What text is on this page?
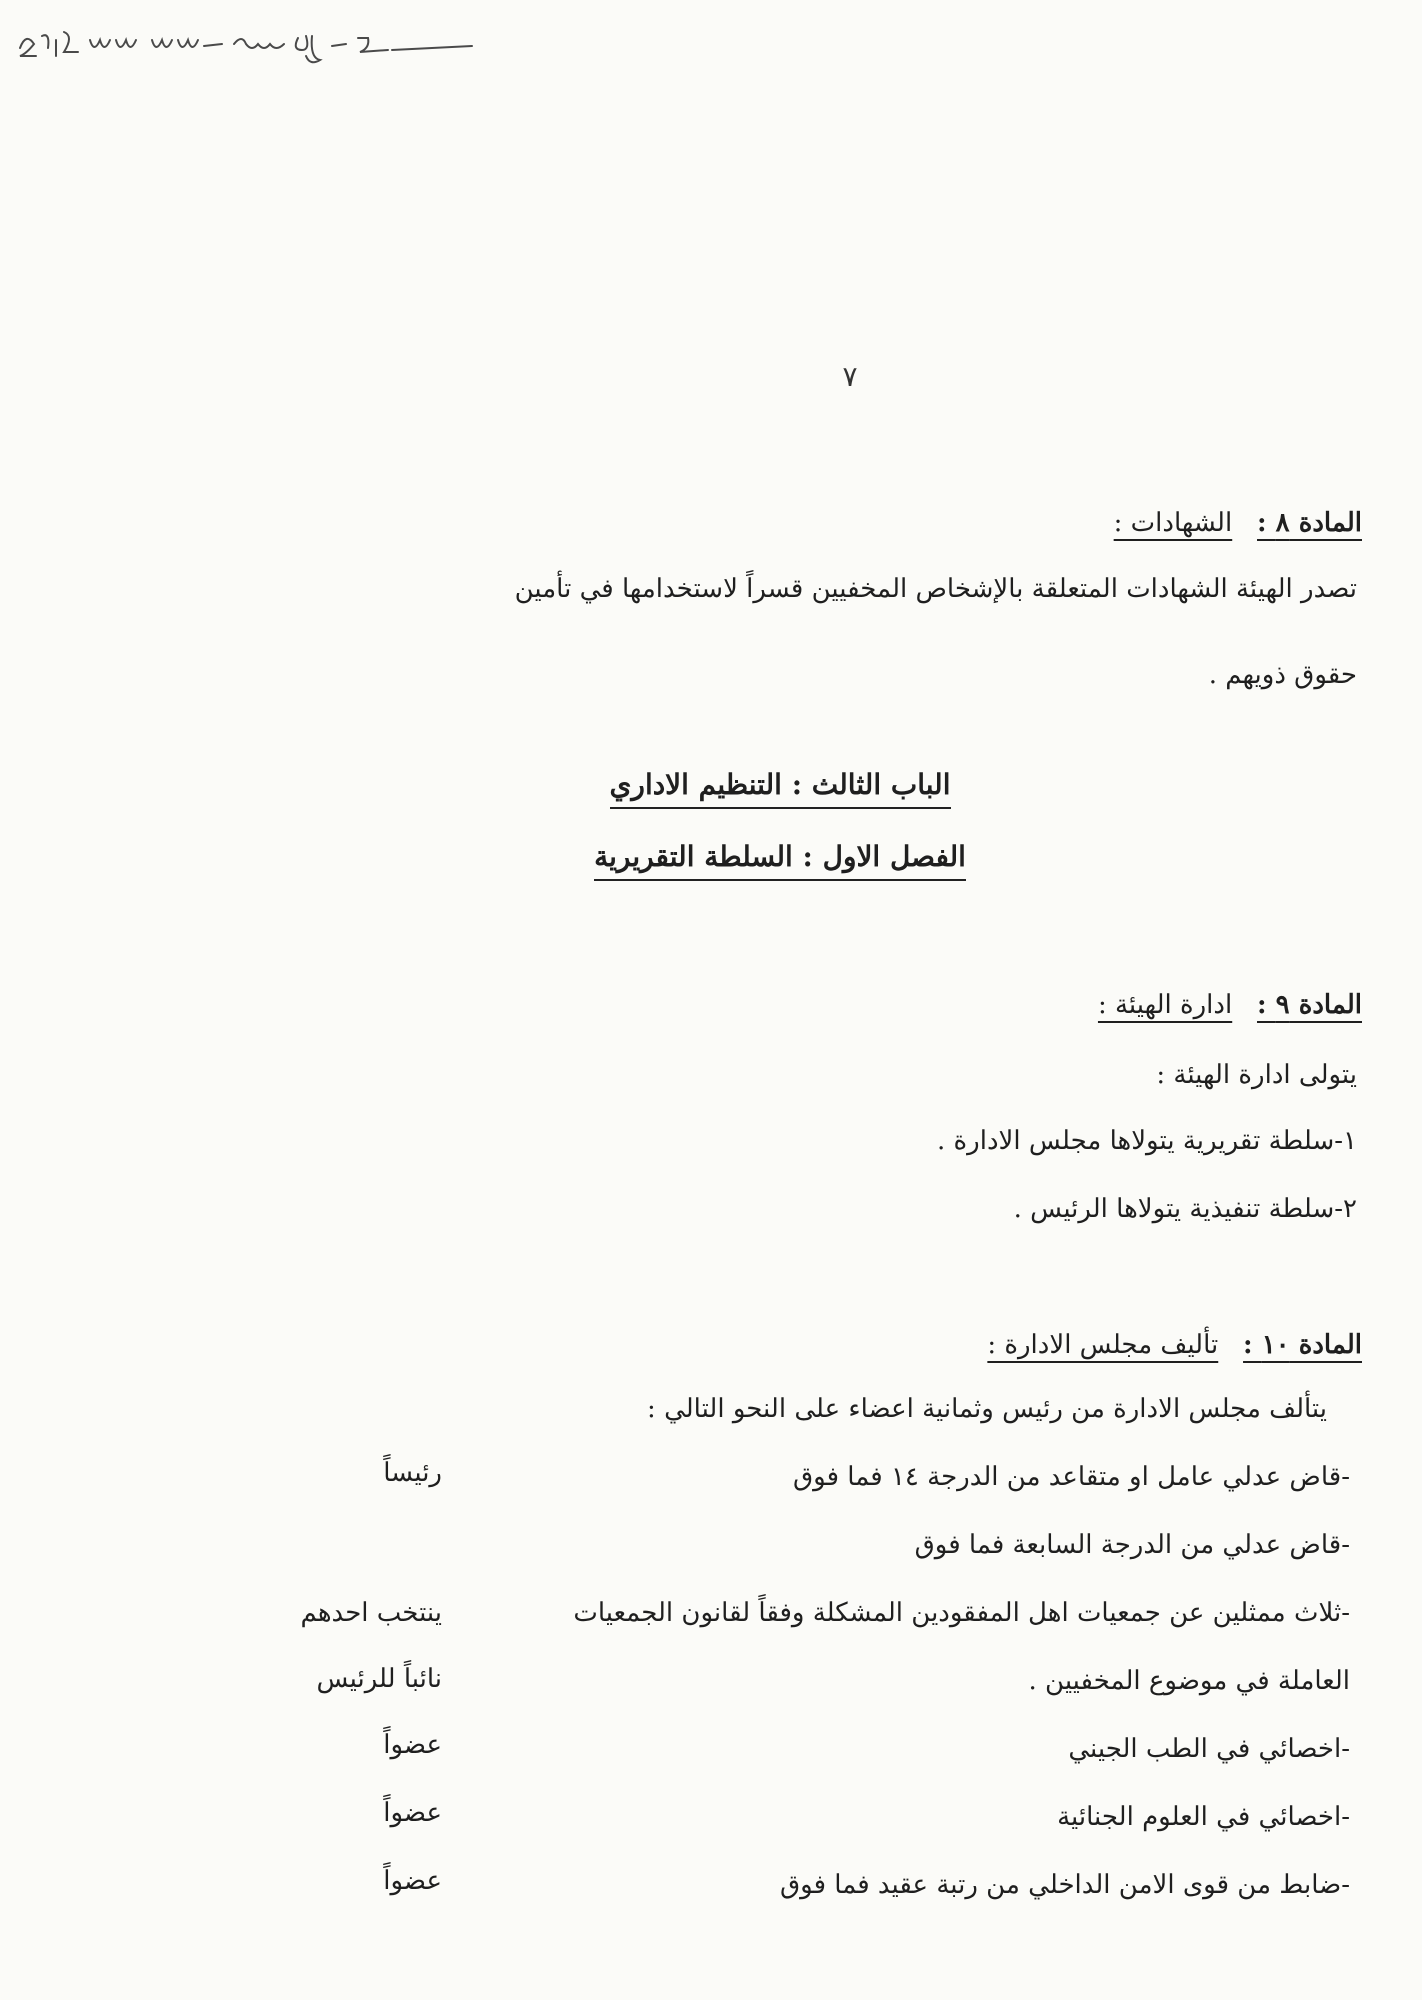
٧
المادة ٨ :   الشهادات :
تصدر الهيئة الشهادات المتعلقة بالإشخاص المخفيين قسراً لاستخدامها في تأمين
حقوق ذويهم .
الباب الثالث : التنظيم الاداري
الفصل الاول : السلطة التقريرية
المادة ٩ :   ادارة الهيئة :
يتولى ادارة الهيئة :
١-سلطة تقريرية يتولاها مجلس الادارة .
٢-سلطة تنفيذية يتولاها الرئيس .
المادة ١٠ :   تأليف مجلس الادارة :
يتألف مجلس الادارة من رئيس وثمانية اعضاء على النحو التالي :
-قاض عدلي عامل او متقاعد من الدرجة ١٤ فما فوق
رئيساً
-قاض عدلي من الدرجة السابعة فما فوق
-ثلاث ممثلين عن جمعيات اهل المفقودين المشكلة وفقاً لقانون الجمعيات
ينتخب احدهم
العاملة في موضوع المخفيين .
نائباً للرئيس
-اخصائي في الطب الجيني
عضواً
-اخصائي في العلوم الجنائية
عضواً
-ضابط من قوى الامن الداخلي من رتبة عقيد فما فوق
عضواً
